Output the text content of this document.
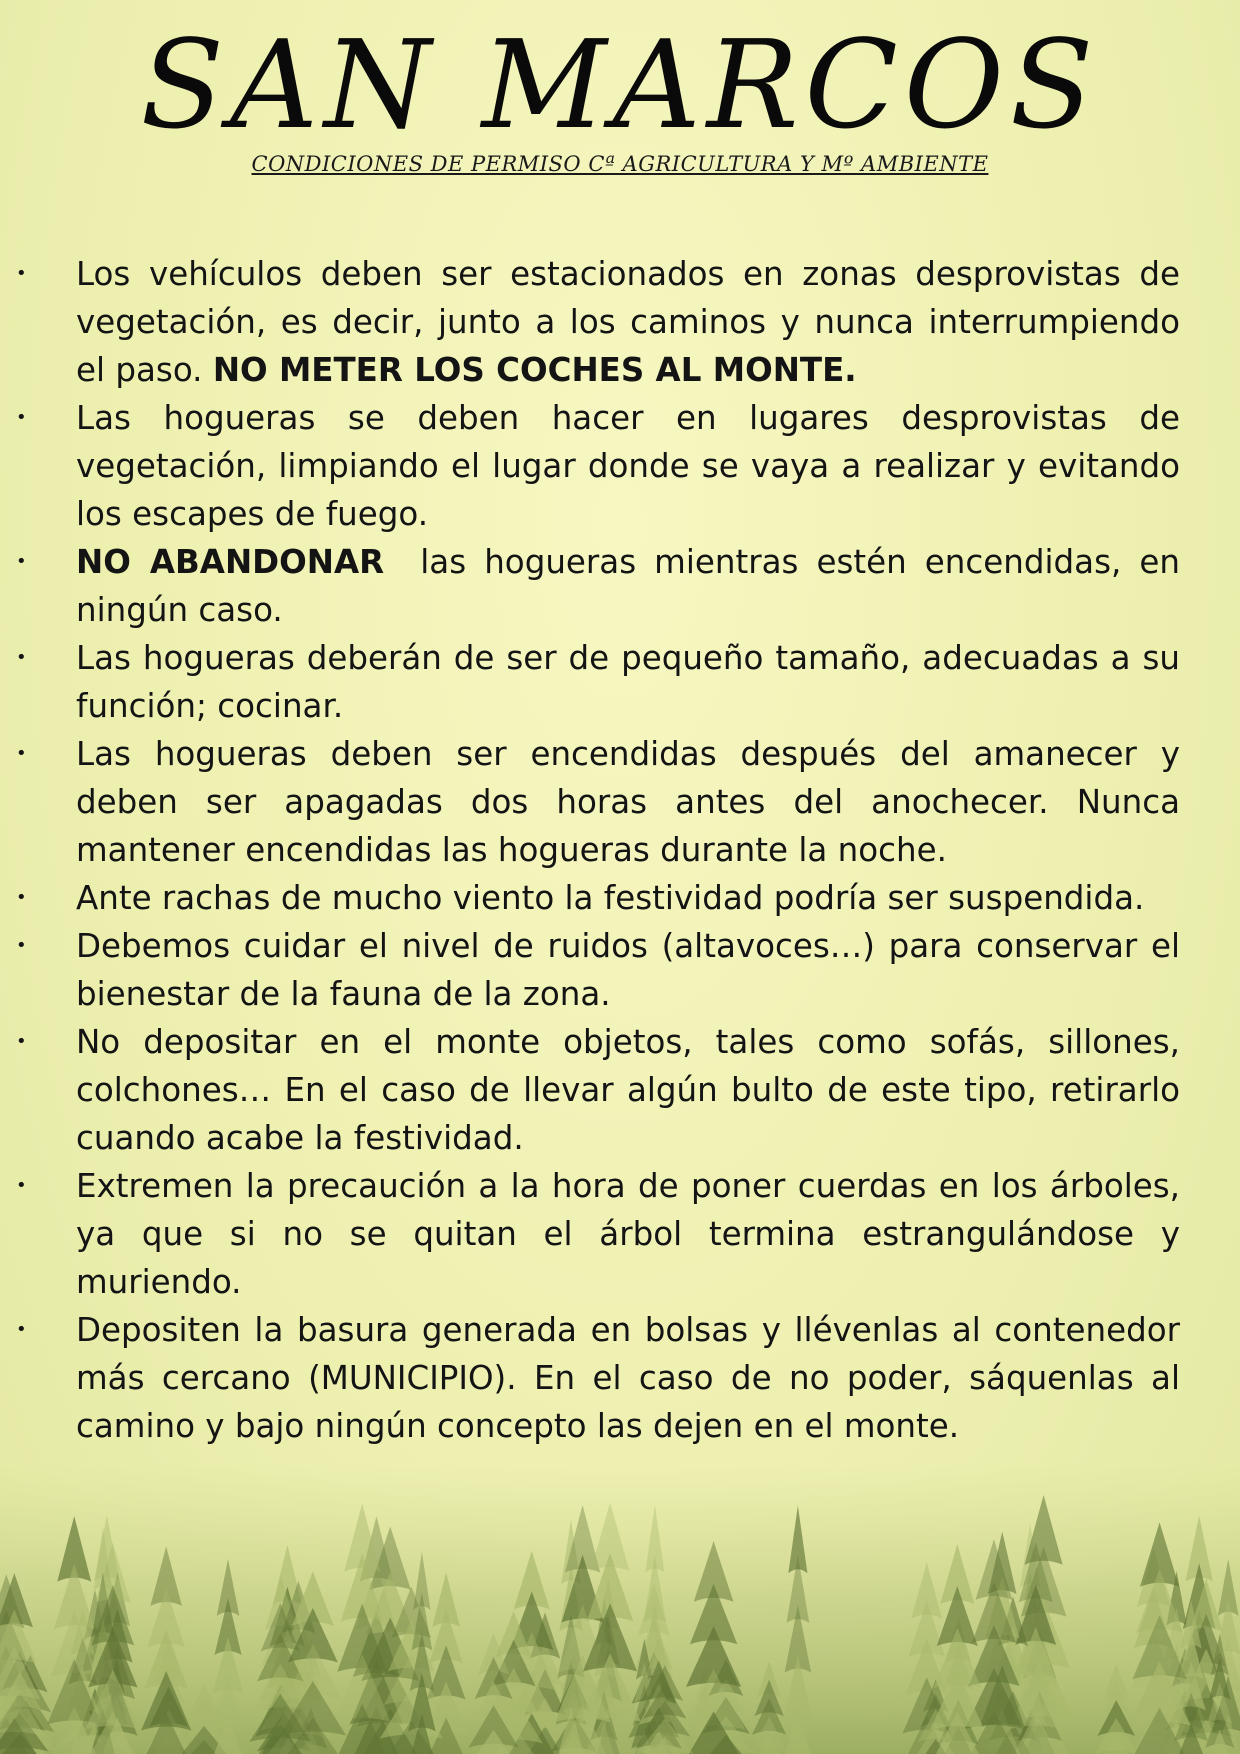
SAN MARCOS
CONDICIONES DE PERMISO Cª AGRICULTURA Y Mº AMBIENTE
• Los vehículos deben ser estacionados en zonas desprovistas de vegetación, es decir, junto a los caminos y nunca interrumpiendo el paso. NO METER LOS COCHES AL MONTE.
• Las hogueras se deben hacer en lugares desprovistas de vegetación, limpiando el lugar donde se vaya a realizar y evitando los escapes de fuego.
• NO ABANDONAR  las hogueras mientras estén encendidas, en ningún caso.
• Las hogueras deberán de ser de pequeño tamaño, adecuadas a su función; cocinar.
• Las hogueras deben ser encendidas después del amanecer y deben ser apagadas dos horas antes del anochecer. Nunca mantener encendidas las hogueras durante la noche.
• Ante rachas de mucho viento la festividad podría ser suspendida.
• Debemos cuidar el nivel de ruidos (altavoces…) para conservar el bienestar de la fauna de la zona.
• No depositar en el monte objetos, tales como sofás, sillones, colchones… En el caso de llevar algún bulto de este tipo, retirarlo cuando acabe la festividad.
• Extremen la precaución a la hora de poner cuerdas en los árboles, ya que si no se quitan el árbol termina estrangulándose y muriendo.
• Depositen la basura generada en bolsas y llévenlas al contenedor más cercano (MUNICIPIO). En el caso de no poder, sáquenlas al camino y bajo ningún concepto las dejen en el monte.
